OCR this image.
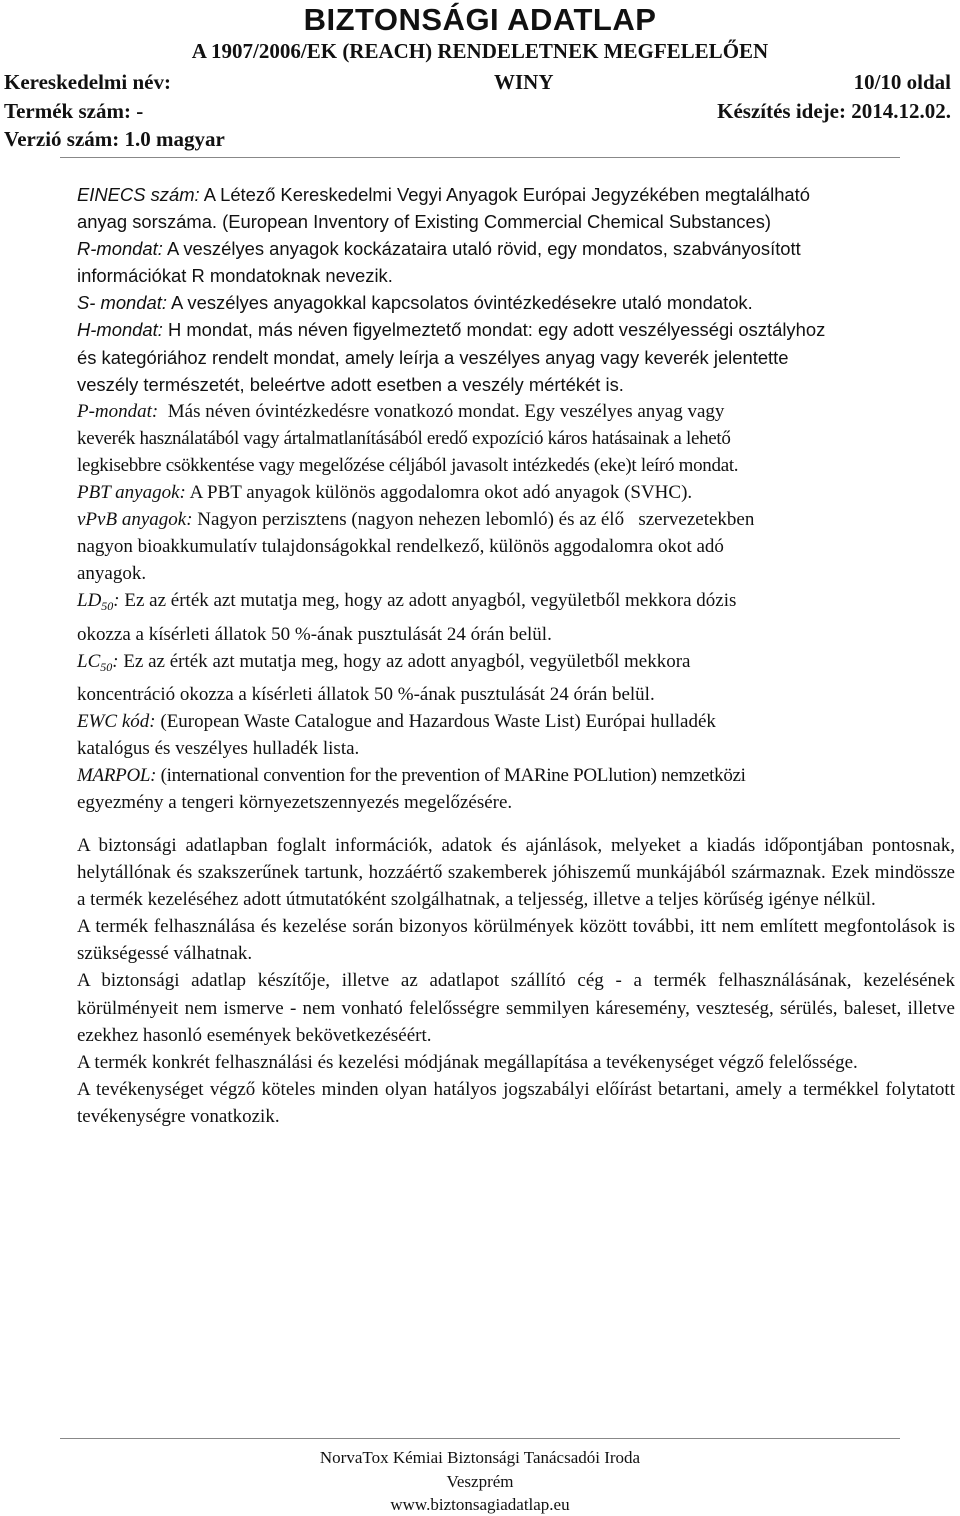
BIZTONSÁGI ADATLAP
A 1907/2006/EK (REACH) RENDELETNEK MEGFELELŐEN
Kereskedelmi név:	WINY	10/10 oldal
Termék szám: -	Készítés ideje: 2014.12.02.
Verzió szám: 1.0 magyar

EINECS szám: A Létező Kereskedelmi Vegyi Anyagok Európai Jegyzékében megtalálható

anyag sorszáma. (European Inventory of Existing Commercial Chemical Substances)

R-mondat: A veszélyes anyagok kockázataira utaló rövid, egy mondatos, szabványosított

információkat R mondatoknak nevezik.

S- mondat: A veszélyes anyagokkal kapcsolatos óvintézkedésekre utaló mondatok.

H-mondat: H mondat, más néven figyelmeztető mondat: egy adott veszélyességi osztályhoz

és kategóriához rendelt mondat, amely leírja a veszélyes anyag vagy keverék jelentette

veszély természetét, beleértve adott esetben a veszély mértékét is.

P-mondat:  Más néven óvintézkedésre vonatkozó mondat. Egy veszélyes anyag vagy

keverék használatából vagy ártalmatlanításából eredő expozíció káros hatásainak a lehető

legkisebbre csökkentése vagy megelőzése céljából javasolt intézkedés (eke)t leíró mondat.

PBT anyagok: A PBT anyagok különös aggodalomra okot adó anyagok (SVHC).

vPvB anyagok: Nagyon perzisztens (nagyon nehezen lebomló) és az élő   szervezetekben

nagyon bioakkumulatív tulajdonságokkal rendelkező, különös aggodalomra okot adó

anyagok.

$LD_{50}$: Ez az érték azt mutatja meg, hogy az adott anyagból, vegyületből mekkora dózis

okozza a kísérleti állatok 50 %-ának pusztulását 24 órán belül.

$LC_{50}$: Ez az érték azt mutatja meg, hogy az adott anyagból, vegyületből mekkora

koncentráció okozza a kísérleti állatok 50 %-ának pusztulását 24 órán belül.

EWC kód: (European Waste Catalogue and Hazardous Waste List) Európai hulladék

katalógus és veszélyes hulladék lista.

MARPOL: (international convention for the prevention of MARine POLlution) nemzetközi

egyezmény a tengeri környezetszennyezés megelőzésére.

A biztonsági adatlapban foglalt információk, adatok és ajánlások, melyeket a kiadás időpontjában pontosnak, helytállónak és szakszerűnek tartunk, hozzáértő szakemberek jóhiszemű munkájából származnak. Ezek mindössze a termék kezeléséhez adott útmutatóként szolgálhatnak, a teljesség, illetve a teljes körűség igénye nélkül.

A termék felhasználása és kezelése során bizonyos körülmények között további, itt nem említett megfontolások is szükségessé válhatnak.

A biztonsági adatlap készítője, illetve az adatlapot szállító cég - a termék felhasználásának, kezelésének körülményeit nem ismerve - nem vonható felelősségre semmilyen káresemény, veszteség, sérülés, baleset, illetve ezekhez hasonló események bekövetkezéséért.

A termék konkrét felhasználási és kezelési módjának megállapítása a tevékenységet végző felelőssége.

A tevékenységet végző köteles minden olyan hatályos jogszabályi előírást betartani, amely a termékkel folytatott tevékenységre vonatkozik.

NorvaTox Kémiai Biztonsági Tanácsadói Iroda
Veszprém
www.biztonsagiadatlap.eu
